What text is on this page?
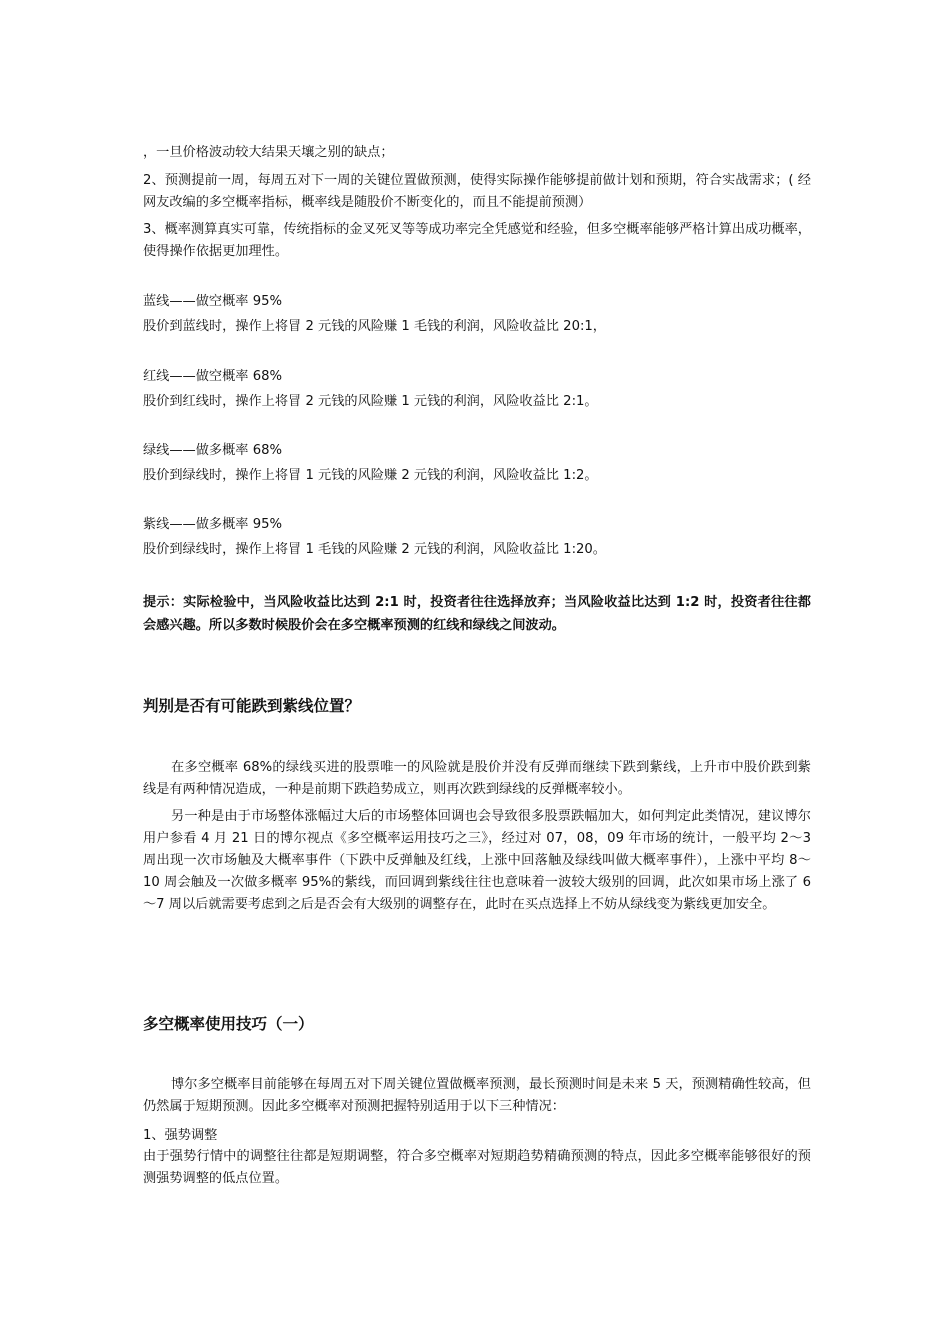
，一旦价格波动较大结果天壤之别的缺点；
2、预测提前一周，每周五对下一周的关键位置做预测，使得实际操作能够提前做计划和预期，符合实战需求；( 经网友改编的多空概率指标，概率线是随股价不断变化的，而且不能提前预测）
3、概率测算真实可靠，传统指标的金叉死叉等等成功率完全凭感觉和经验，但多空概率能够严格计算出成功概率，使得操作依据更加理性。
蓝线——做空概率 95%
股价到蓝线时，操作上将冒 2 元钱的风险赚 1 毛钱的利润，风险收益比 20:1，
红线——做空概率 68%
股价到红线时，操作上将冒 2 元钱的风险赚 1 元钱的利润，风险收益比 2:1。
绿线——做多概率 68%
股价到绿线时，操作上将冒 1 元钱的风险赚 2 元钱的利润，风险收益比 1:2。
紫线——做多概率 95%
股价到绿线时，操作上将冒 1 毛钱的风险赚 2 元钱的利润，风险收益比 1:20。
提示：实际检验中，当风险收益比达到 2:1 时，投资者往往选择放弃；当风险收益比达到 1:2 时，投资者往往都会感兴趣。所以多数时候股价会在多空概率预测的红线和绿线之间波动。
判别是否有可能跌到紫线位置？
在多空概率 68%的绿线买进的股票唯一的风险就是股价并没有反弹而继续下跌到紫线，上升市中股价跌到紫线是有两种情况造成，一种是前期下跌趋势成立，则再次跌到绿线的反弹概率较小。
另一种是由于市场整体涨幅过大后的市场整体回调也会导致很多股票跌幅加大，如何判定此类情况，建议博尔用户参看 4 月 21 日的博尔视点《多空概率运用技巧之三》，经过对 07，08，09 年市场的统计，一般平均 2～3 周出现一次市场触及大概率事件（下跌中反弹触及红线，上涨中回落触及绿线叫做大概率事件），上涨中平均 8～10 周会触及一次做多概率 95%的紫线，而回调到紫线往往也意味着一波较大级别的回调，此次如果市场上涨了 6～7 周以后就需要考虑到之后是否会有大级别的调整存在，此时在买点选择上不妨从绿线变为紫线更加安全。
多空概率使用技巧（一）
博尔多空概率目前能够在每周五对下周关键位置做概率预测，最长预测时间是未来 5 天，预测精确性较高，但仍然属于短期预测。因此多空概率对预测把握特别适用于以下三种情况：
1、强势调整
由于强势行情中的调整往往都是短期调整，符合多空概率对短期趋势精确预测的特点，因此多空概率能够很好的预测强势调整的低点位置。
